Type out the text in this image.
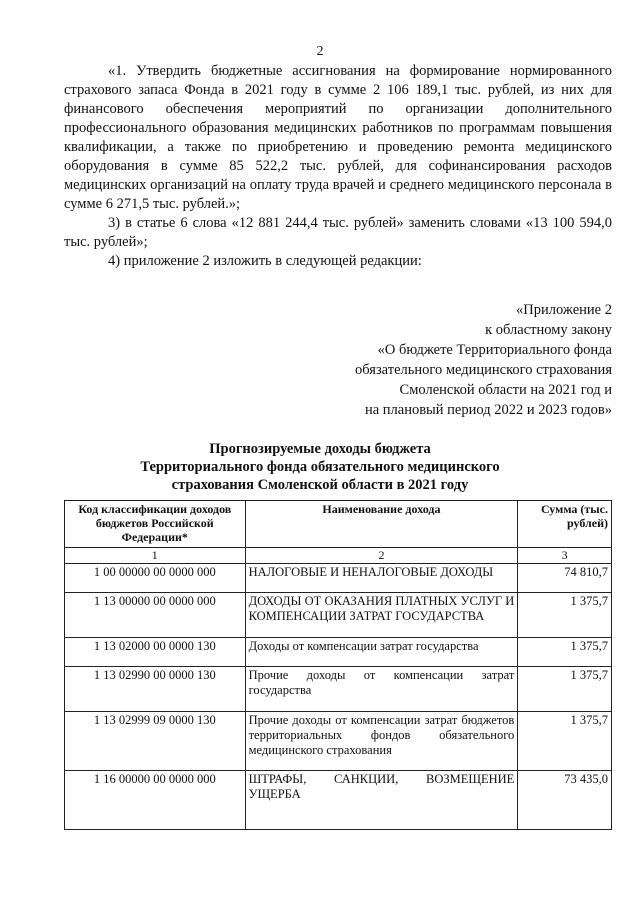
2

«1. Утвердить бюджетные ассигнования на формирование нормированного страхового запаса Фонда в 2021 году в сумме 2 106 189,1 тыс. рублей, из них для финансового обеспечения мероприятий по организации дополнительного профессионального образования медицинских работников по программам повышения квалификации, а также по приобретению и проведению ремонта медицинского оборудования в сумме 85 522,2 тыс. рублей, для софинансирования расходов медицинских организаций на оплату труда врачей и среднего медицинского персонала в сумме 6 271,5 тыс. рублей.»;

3) в статье 6 слова «12 881 244,4 тыс. рублей» заменить словами «13 100 594,0 тыс. рублей»;

4) приложение 2 изложить в следующей редакции:

«Приложение 2
к областному закону
«О бюджете Территориального фонда
обязательного медицинского страхования
Смоленской области на 2021 год и
на плановый период 2022 и 2023 годов»
Прогнозируемые доходы бюджета
Территориального фонда обязательного медицинского
страхования Смоленской области в 2021 году
Код классификации доходов бюджетов Российской Федерации*	Наименование дохода	Сумма (тыс. рублей)
1	2	3
1 00 00000 00 0000 000	НАЛОГОВЫЕ И НЕНАЛОГОВЫЕ ДОХОДЫ	74 810,7
1 13 00000 00 0000 000	ДОХОДЫ ОТ ОКАЗАНИЯ ПЛАТНЫХ УСЛУГ И КОМПЕНСАЦИИ ЗАТРАТ ГОСУДАРСТВА	1 375,7
1 13 02000 00 0000 130	Доходы от компенсации затрат государства	1 375,7
1 13 02990 00 0000 130	Прочие доходы от компенсации затрат государства	1 375,7
1 13 02999 09 0000 130	Прочие доходы от компенсации затрат бюджетов территориальных фондов обязательного медицинского страхования	1 375,7
1 16 00000 00 0000 000	ШТРАФЫ, САНКЦИИ, ВОЗМЕЩЕНИЕ УЩЕРБА	73 435,0
